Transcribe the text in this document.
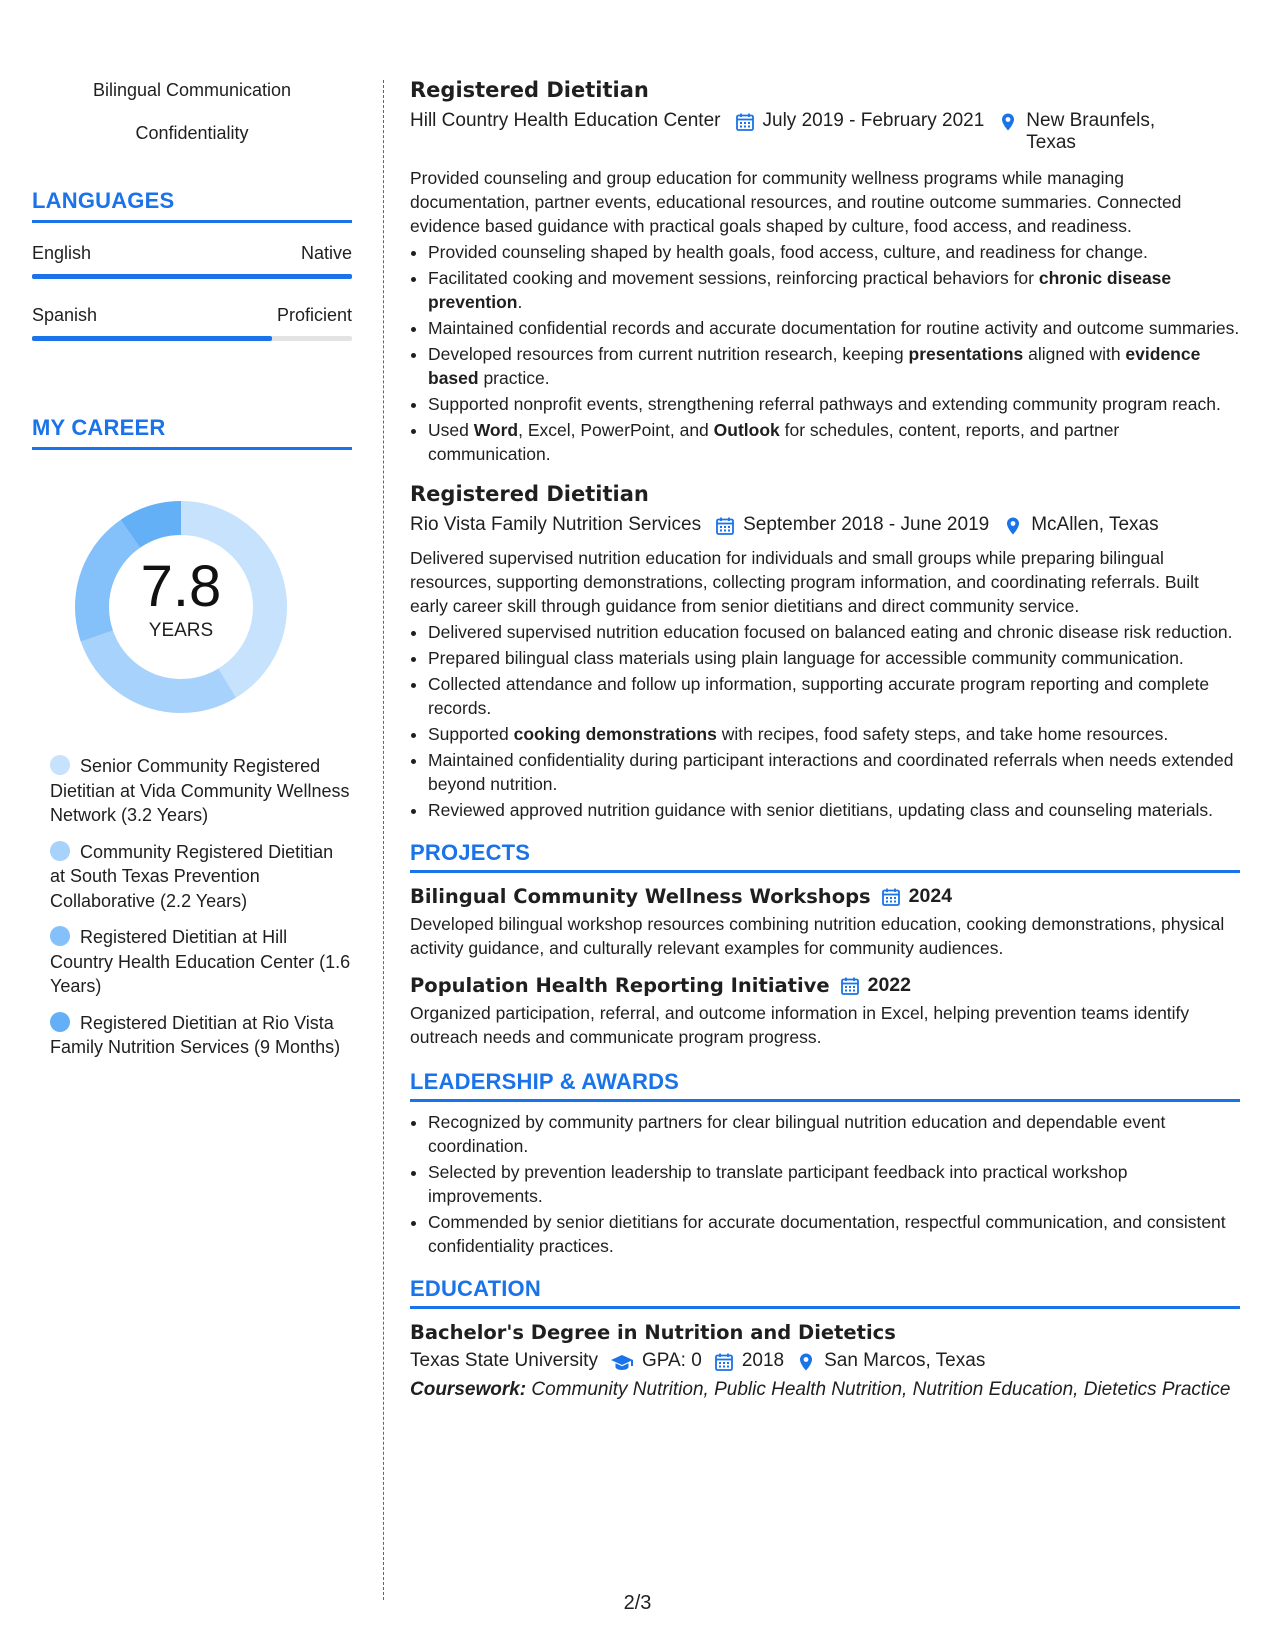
Bilingual Communication
Confidentiality
LANGUAGES
English	Native
Spanish	Proficient
MY CAREER
7.8
YEARS
Senior Community Registered Dietitian at Vida Community Wellness Network (3.2 Years)
Community Registered Dietitian at South Texas Prevention Collaborative (2.2 Years)
Registered Dietitian at Hill Country Health Education Center (1.6 Years)
Registered Dietitian at Rio Vista Family Nutrition Services (9 Months)
Registered Dietitian
Hill Country Health Education Center July 2019 - February 2021 New Braunfels, Texas
Provided counseling and group education for community wellness programs while managing documentation, partner events, educational resources, and routine outcome summaries. Connected evidence based guidance with practical goals shaped by culture, food access, and readiness.
• Provided counseling shaped by health goals, food access, culture, and readiness for change.
• Facilitated cooking and movement sessions, reinforcing practical behaviors for chronic disease prevention.
• Maintained confidential records and accurate documentation for routine activity and outcome summaries.
• Developed resources from current nutrition research, keeping presentations aligned with evidence based practice.
• Supported nonprofit events, strengthening referral pathways and extending community program reach.
• Used Word, Excel, PowerPoint, and Outlook for schedules, content, reports, and partner communication.
Registered Dietitian
Rio Vista Family Nutrition Services September 2018 - June 2019 McAllen, Texas
Delivered supervised nutrition education for individuals and small groups while preparing bilingual resources, supporting demonstrations, collecting program information, and coordinating referrals. Built early career skill through guidance from senior dietitians and direct community service.
• Delivered supervised nutrition education focused on balanced eating and chronic disease risk reduction.
• Prepared bilingual class materials using plain language for accessible community communication.
• Collected attendance and follow up information, supporting accurate program reporting and complete records.
• Supported cooking demonstrations with recipes, food safety steps, and take home resources.
• Maintained confidentiality during participant interactions and coordinated referrals when needs extended beyond nutrition.
• Reviewed approved nutrition guidance with senior dietitians, updating class and counseling materials.
PROJECTS
Bilingual Community Wellness Workshops 2024
Developed bilingual workshop resources combining nutrition education, cooking demonstrations, physical activity guidance, and culturally relevant examples for community audiences.
Population Health Reporting Initiative 2022
Organized participation, referral, and outcome information in Excel, helping prevention teams identify outreach needs and communicate program progress.
LEADERSHIP & AWARDS
• Recognized by community partners for clear bilingual nutrition education and dependable event coordination.
• Selected by prevention leadership to translate participant feedback into practical workshop improvements.
• Commended by senior dietitians for accurate documentation, respectful communication, and consistent confidentiality practices.
EDUCATION
Bachelor's Degree in Nutrition and Dietetics
Texas State University GPA: 0 2018 San Marcos, Texas
Coursework: Community Nutrition, Public Health Nutrition, Nutrition Education, Dietetics Practice
2/3
